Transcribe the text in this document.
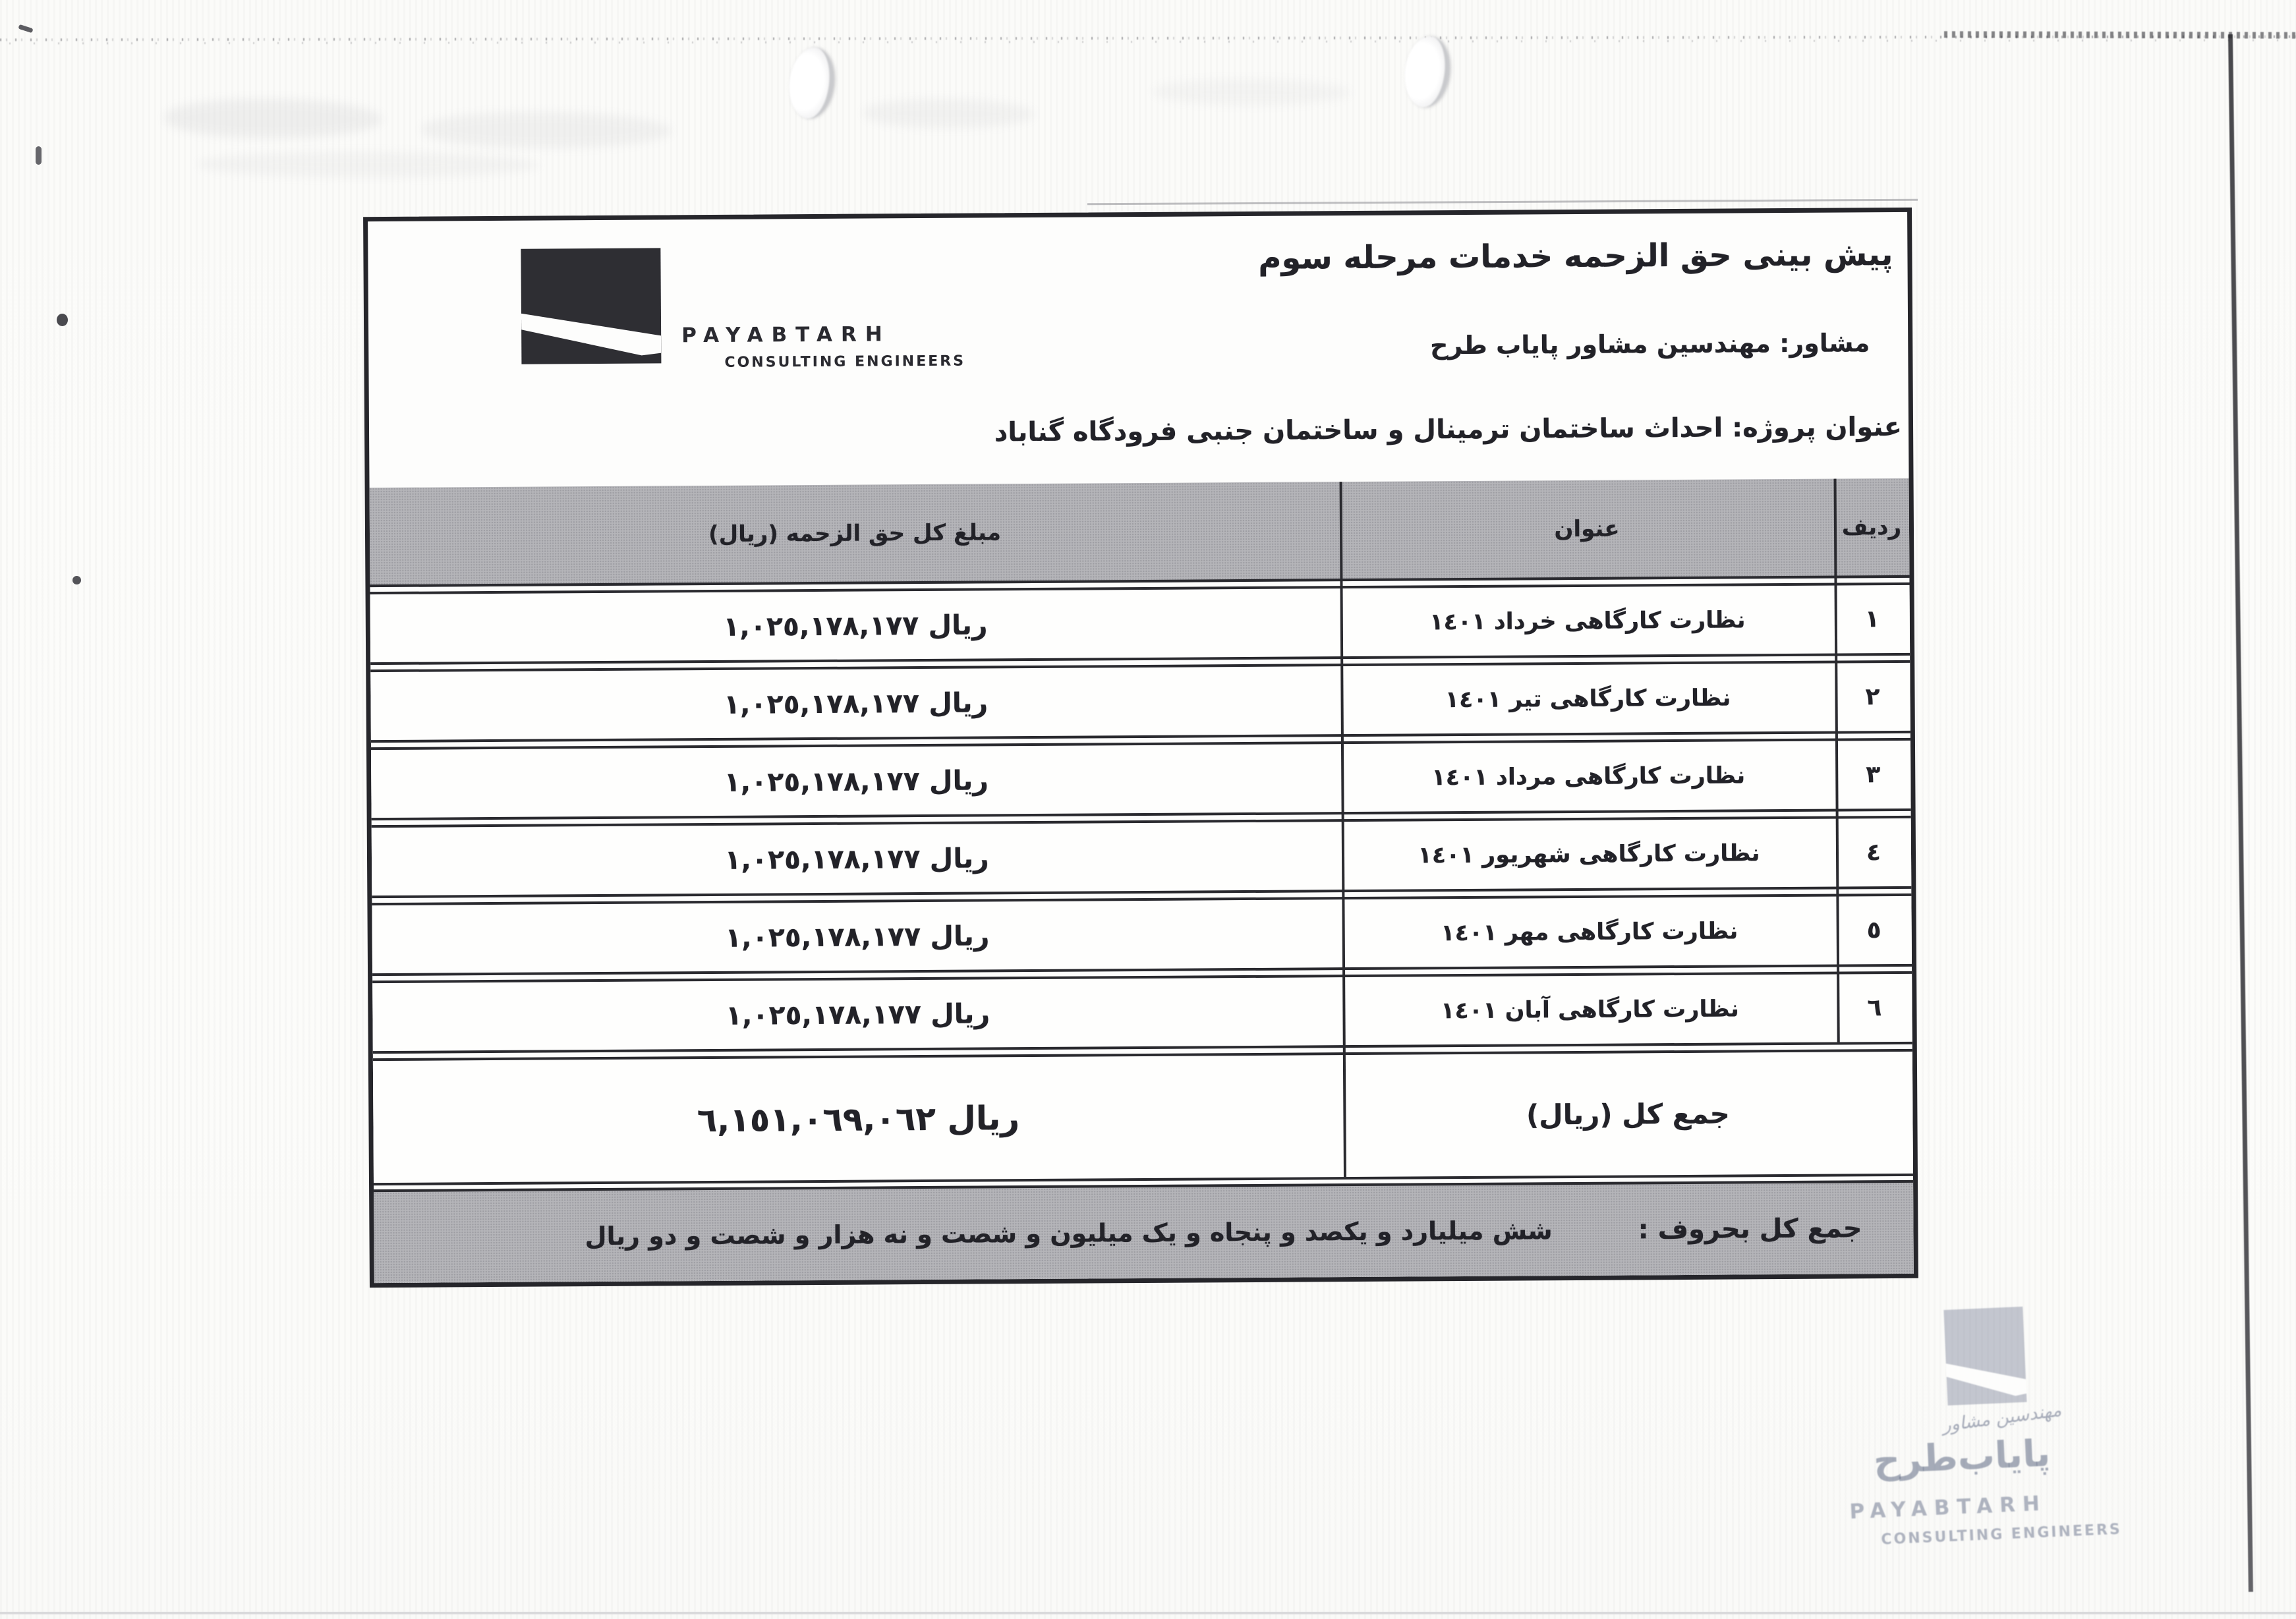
پیش بینی حق الزحمه خدمات مرحله سوم
مشاور: مهندسین مشاور پایاب طرح
عنوان پروژه: احداث ساختمان ترمینال و ساختمان جنبی فرودگاه گناباد
PAYABTARH
CONSULTING ENGINEERS
ردیف
عنوان
مبلغ کل حق الزحمه (ریال)
١
نظارت کارگاهی خرداد ١٤٠١
ریال ١,٠٢٥,١٧٨,١٧٧
٢
نظارت کارگاهی تیر ١٤٠١
ریال ١,٠٢٥,١٧٨,١٧٧
٣
نظارت کارگاهی مرداد ١٤٠١
ریال ١,٠٢٥,١٧٨,١٧٧
٤
نظارت کارگاهی شهریور ١٤٠١
ریال ١,٠٢٥,١٧٨,١٧٧
٥
نظارت کارگاهی مهر ١٤٠١
ریال ١,٠٢٥,١٧٨,١٧٧
٦
نظارت کارگاهی آبان ١٤٠١
ریال ١,٠٢٥,١٧٨,١٧٧
جمع کل (ریال)
ریال ٦,١٥١,٠٦٩,٠٦٢
جمع کل بحروف :
شش میلیارد و یکصد و پنجاه و یک میلیون و شصت و نه هزار و شصت و دو ریال
مهندسین مشاور
پایاب‌طرح
PAYABTARH
CONSULTING ENGINEERS
